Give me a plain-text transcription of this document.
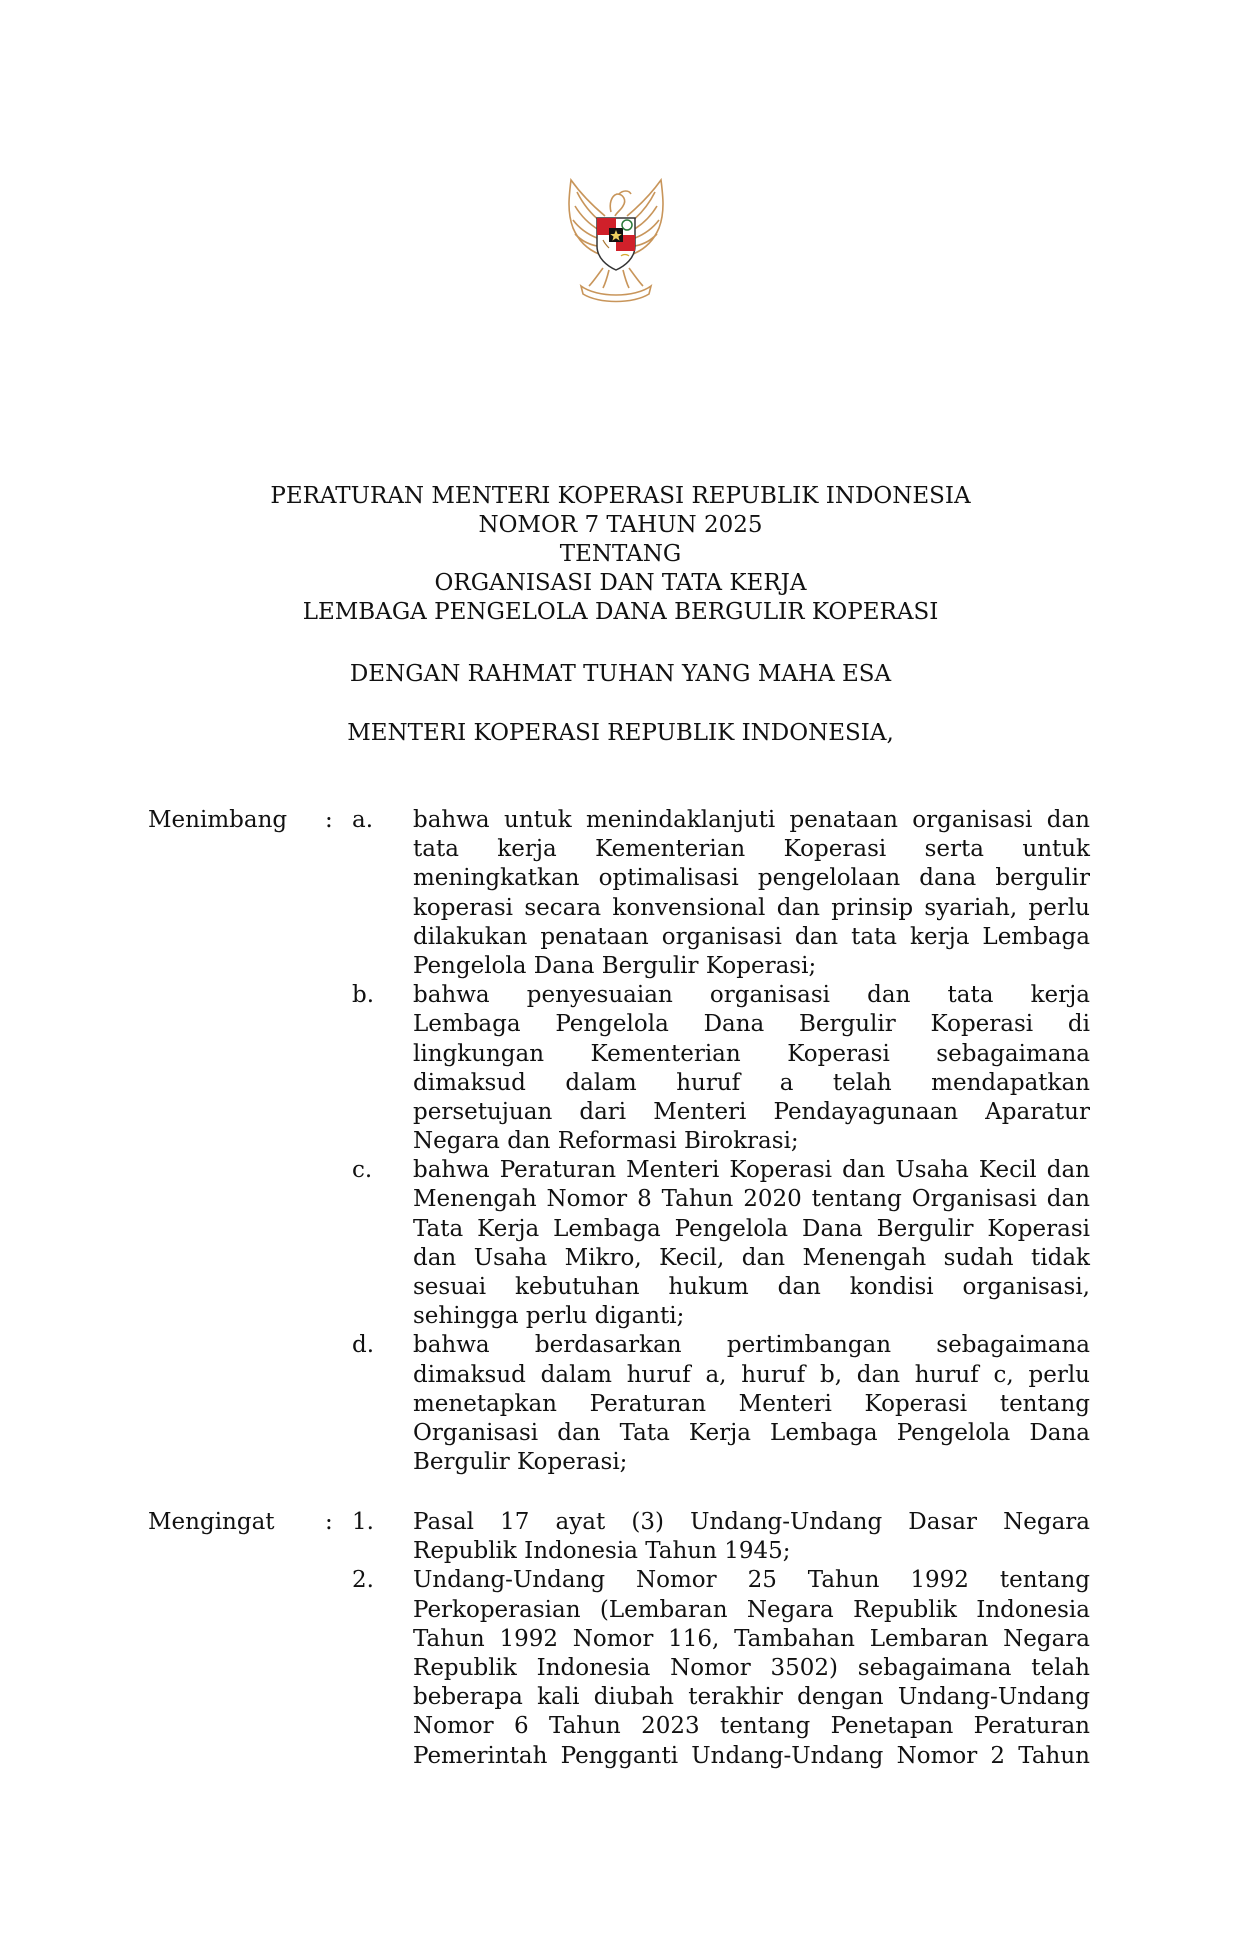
PERATURAN MENTERI KOPERASI REPUBLIK INDONESIA
NOMOR 7 TAHUN 2025
TENTANG
ORGANISASI DAN TATA KERJA
LEMBAGA PENGELOLA DANA BERGULIR KOPERASI
DENGAN RAHMAT TUHAN YANG MAHA ESA
MENTERI KOPERASI REPUBLIK INDONESIA,
Menimbang : a.	bahwa untuk menindaklanjuti penataan organisasi dan
tata kerja Kementerian Koperasi serta untuk
meningkatkan optimalisasi pengelolaan dana bergulir
koperasi secara konvensional dan prinsip syariah, perlu
dilakukan penataan organisasi dan tata kerja Lembaga
Pengelola Dana Bergulir Koperasi;
b.	bahwa penyesuaian organisasi dan tata kerja
Lembaga Pengelola Dana Bergulir Koperasi di
lingkungan Kementerian Koperasi sebagaimana
dimaksud dalam huruf a telah mendapatkan
persetujuan dari Menteri Pendayagunaan Aparatur
Negara dan Reformasi Birokrasi;
c.	bahwa Peraturan Menteri Koperasi dan Usaha Kecil dan
Menengah Nomor 8 Tahun 2020 tentang Organisasi dan
Tata Kerja Lembaga Pengelola Dana Bergulir Koperasi
dan Usaha Mikro, Kecil, dan Menengah sudah tidak
sesuai kebutuhan hukum dan kondisi organisasi,
sehingga perlu diganti;
d.	bahwa berdasarkan pertimbangan sebagaimana
dimaksud dalam huruf a, huruf b, dan huruf c, perlu
menetapkan Peraturan Menteri Koperasi tentang
Organisasi dan Tata Kerja Lembaga Pengelola Dana
Bergulir Koperasi;
Mengingat : 1.	Pasal 17 ayat (3) Undang-Undang Dasar Negara
Republik Indonesia Tahun 1945;
2.	Undang-Undang Nomor 25 Tahun 1992 tentang
Perkoperasian (Lembaran Negara Republik Indonesia
Tahun 1992 Nomor 116, Tambahan Lembaran Negara
Republik Indonesia Nomor 3502) sebagaimana telah
beberapa kali diubah terakhir dengan Undang-Undang
Nomor 6 Tahun 2023 tentang Penetapan Peraturan
Pemerintah Pengganti Undang-Undang Nomor 2 Tahun
